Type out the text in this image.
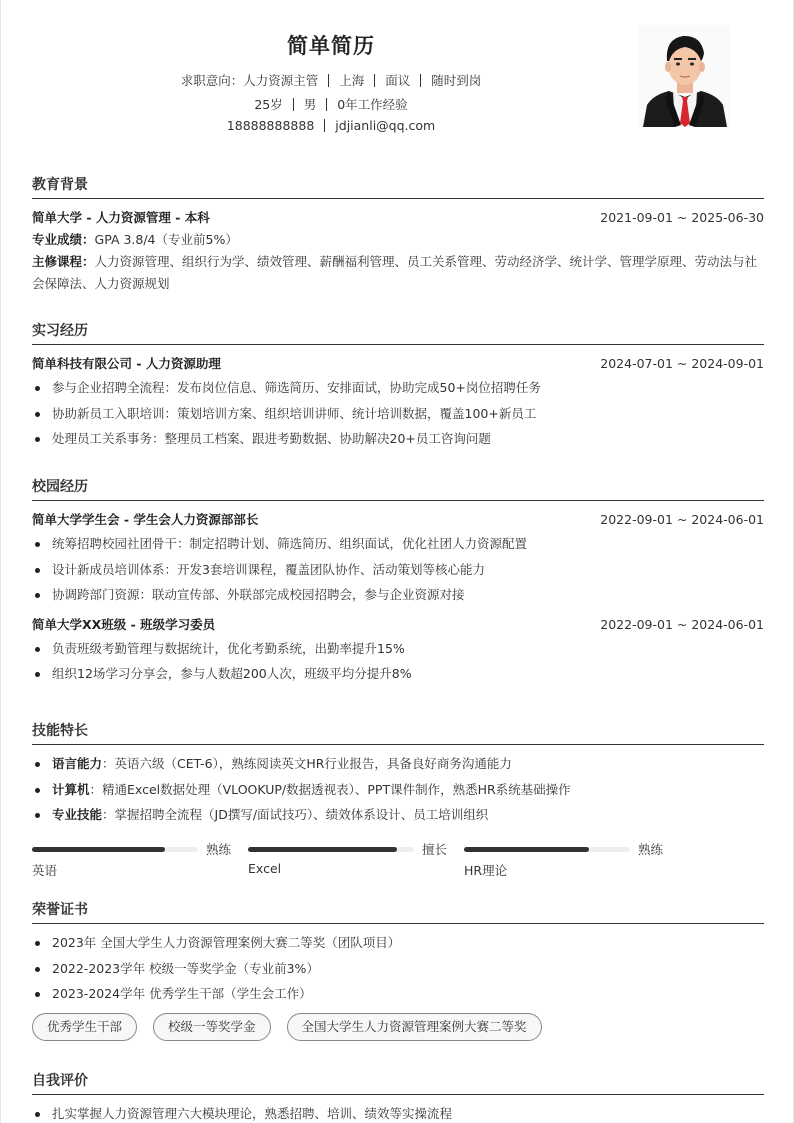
简单简历
求职意向：人力资源主管 上海 面议 随时到岗
25岁 男 0年工作经验
18888888888 jdjianli@qq.com
教育背景
简单大学 - 人力资源管理 - 本科	2021-09-01 ~ 2025-06-30
专业成绩：GPA 3.8/4（专业前5%）
主修课程：人力资源管理、组织行为学、绩效管理、薪酬福利管理、员工关系管理、劳动经济学、统计学、管理学原理、劳动法与社会保障法、人力资源规划
实习经历
简单科技有限公司 - 人力资源助理	2024-07-01 ~ 2024-09-01
参与企业招聘全流程：发布岗位信息、筛选简历、安排面试，协助完成50+岗位招聘任务
协助新员工入职培训：策划培训方案、组织培训讲师、统计培训数据，覆盖100+新员工
处理员工关系事务：整理员工档案、跟进考勤数据、协助解决20+员工咨询问题
校园经历
简单大学学生会 - 学生会人力资源部部长	2022-09-01 ~ 2024-06-01
统筹招聘校园社团骨干：制定招聘计划、筛选简历、组织面试，优化社团人力资源配置
设计新成员培训体系：开发3套培训课程，覆盖团队协作、活动策划等核心能力
协调跨部门资源：联动宣传部、外联部完成校园招聘会，参与企业资源对接
简单大学XX班级 - 班级学习委员	2022-09-01 ~ 2024-06-01
负责班级考勤管理与数据统计，优化考勤系统，出勤率提升15%
组织12场学习分享会，参与人数超200人次，班级平均分提升8%
技能特长
语言能力：英语六级（CET-6），熟练阅读英文HR行业报告，具备良好商务沟通能力
计算机：精通Excel数据处理（VLOOKUP/数据透视表）、PPT课件制作，熟悉HR系统基础操作
专业技能：掌握招聘全流程（JD撰写/面试技巧）、绩效体系设计、员工培训组织
熟练
英语
擅长
Excel
熟练
HR理论
荣誉证书
2023年 全国大学生人力资源管理案例大赛二等奖（团队项目）
2022-2023学年 校级一等奖学金（专业前3%）
2023-2024学年 优秀学生干部（学生会工作）
优秀学生干部	校级一等奖学金	全国大学生人力资源管理案例大赛二等奖
自我评价
扎实掌握人力资源管理六大模块理论，熟悉招聘、培训、绩效等实操流程
